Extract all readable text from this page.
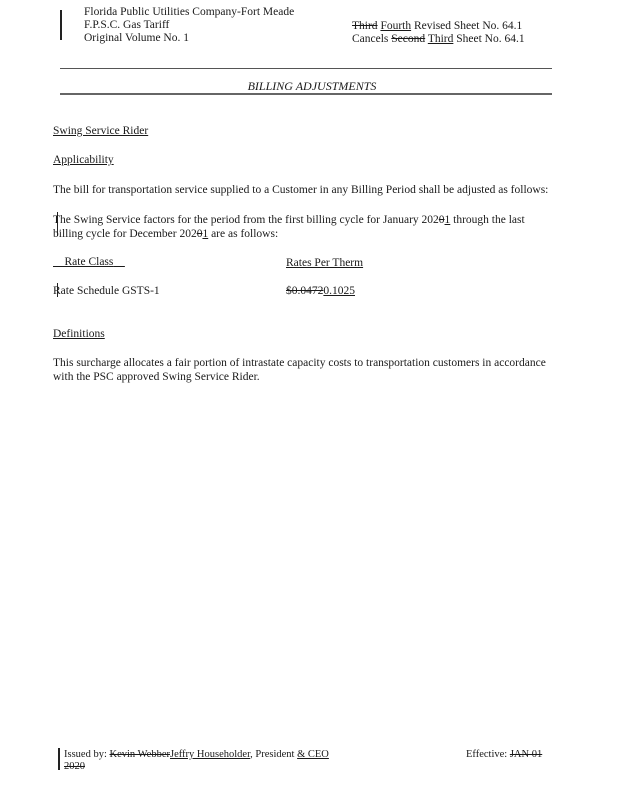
Florida Public Utilities Company-Fort Meade
F.P.S.C. Gas Tariff
Original Volume No. 1
Third Fourth Revised Sheet No. 64.1
Cancels Second Third Sheet No. 64.1
BILLING ADJUSTMENTS
Swing Service Rider
Applicability
The bill for transportation service supplied to a Customer in any Billing Period shall be adjusted as follows:
The Swing Service factors for the period from the first billing cycle for January 20201 through the last billing cycle for December 20201 are as follows:
Rate Class	Rates Per Therm
Rate Schedule GSTS-1	$0.04720.1025
Definitions
This surcharge allocates a fair portion of intrastate capacity costs to transportation customers in accordance with the PSC approved Swing Service Rider.
Issued by: Kevin WebberJeffry Householder, President & CEO
2020
Effective: JAN 01
